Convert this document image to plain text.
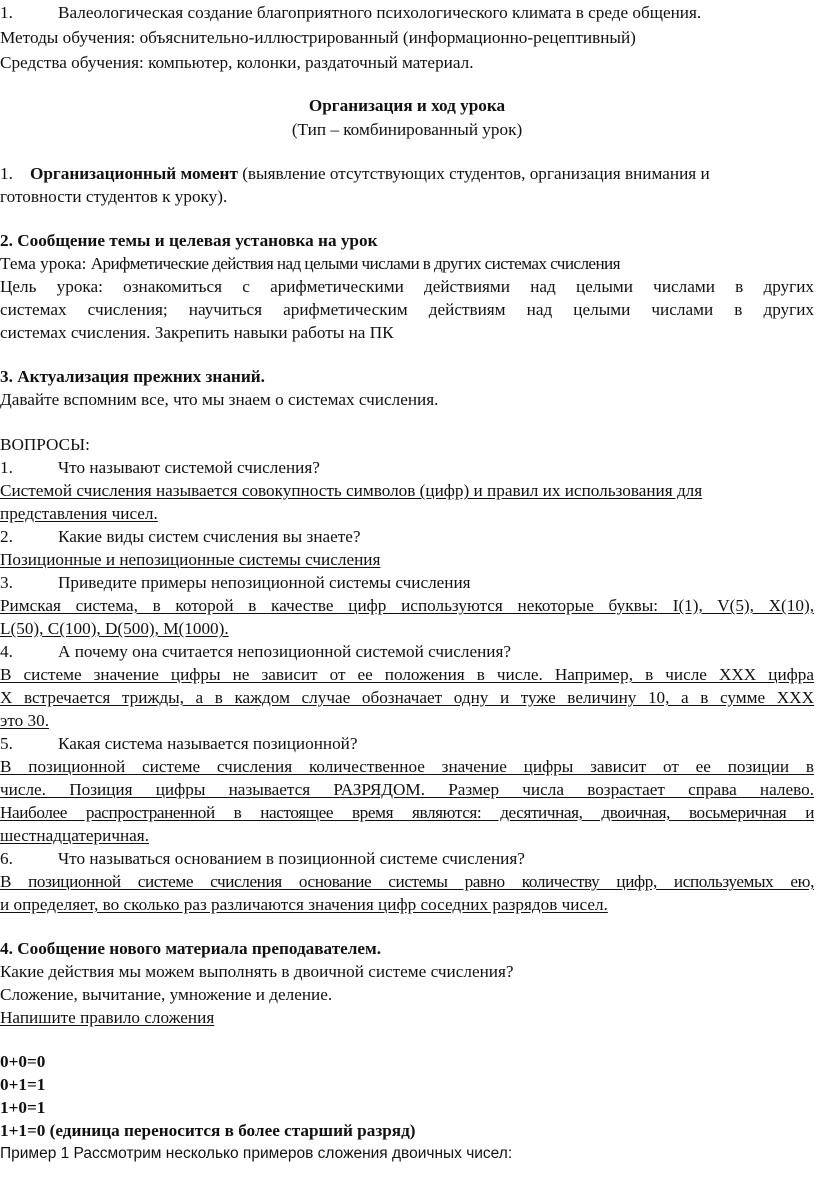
1.	Валеологическая создание благоприятного психологического климата в среде общения.
Методы обучения: объяснительно-иллюстрированный (информационно-рецептивный)
Средства обучения: компьютер, колонки, раздаточный материал.
Организация и ход урока
(Тип – комбинированный урок)
1. Организационный момент (выявление отсутствующих студентов, организация внимания и
готовности студентов к уроку).
2. Сообщение темы и целевая установка на урок
Тема урока: Арифметические действия над целыми числами в других системах счисления
Цель урока: ознакомиться с арифметическими действиями над целыми числами в других
системах счисления; научиться арифметическим действиям над целыми числами в других
системах счисления. Закрепить навыки работы на ПК
3. Актуализация прежних знаний.
Давайте вспомним все, что мы знаем о системах счисления.
ВОПРОСЫ:
1.	Что называют системой счисления?
Системой счисления называется совокупность символов (цифр) и правил их использования для
представления чисел.
2.	Какие виды систем счисления вы знаете?
Позиционные и непозиционные системы счисления
3.	Приведите примеры непозиционной системы счисления
Римская система, в которой в качестве цифр используются некоторые буквы: I(1), V(5), X(10),
L(50), C(100), D(500), M(1000).
4.	А почему она считается непозиционной системой счисления?
В системе значение цифры не зависит от ее положения в числе. Например, в числе XXX цифра
X встречается трижды, а в каждом случае обозначает одну и туже величину 10, а в сумме XXX
это 30.
5.	Какая система называется позиционной?
В позиционной системе счисления количественное значение цифры зависит от ее позиции в
числе. Позиция цифры называется РАЗРЯДОМ. Размер числа возрастает справа налево.
Наиболее распространенной в настоящее время являются: десятичная, двоичная, восьмеричная и
шестнадцатеричная.
6.	Что называться основанием в позиционной системе счисления?
В позиционной системе счисления основание системы равно количеству цифр, используемых ею,
и определяет, во сколько раз различаются значения цифр соседних разрядов чисел.
4. Сообщение нового материала преподавателем.
Какие действия мы можем выполнять в двоичной системе счисления?
Сложение, вычитание, умножение и деление.
Напишите правило сложения
0+0=0
0+1=1
1+0=1
1+1=0 (единица переносится в более старший разряд)
Пример 1 Рассмотрим несколько примеров сложения двоичных чисел:
